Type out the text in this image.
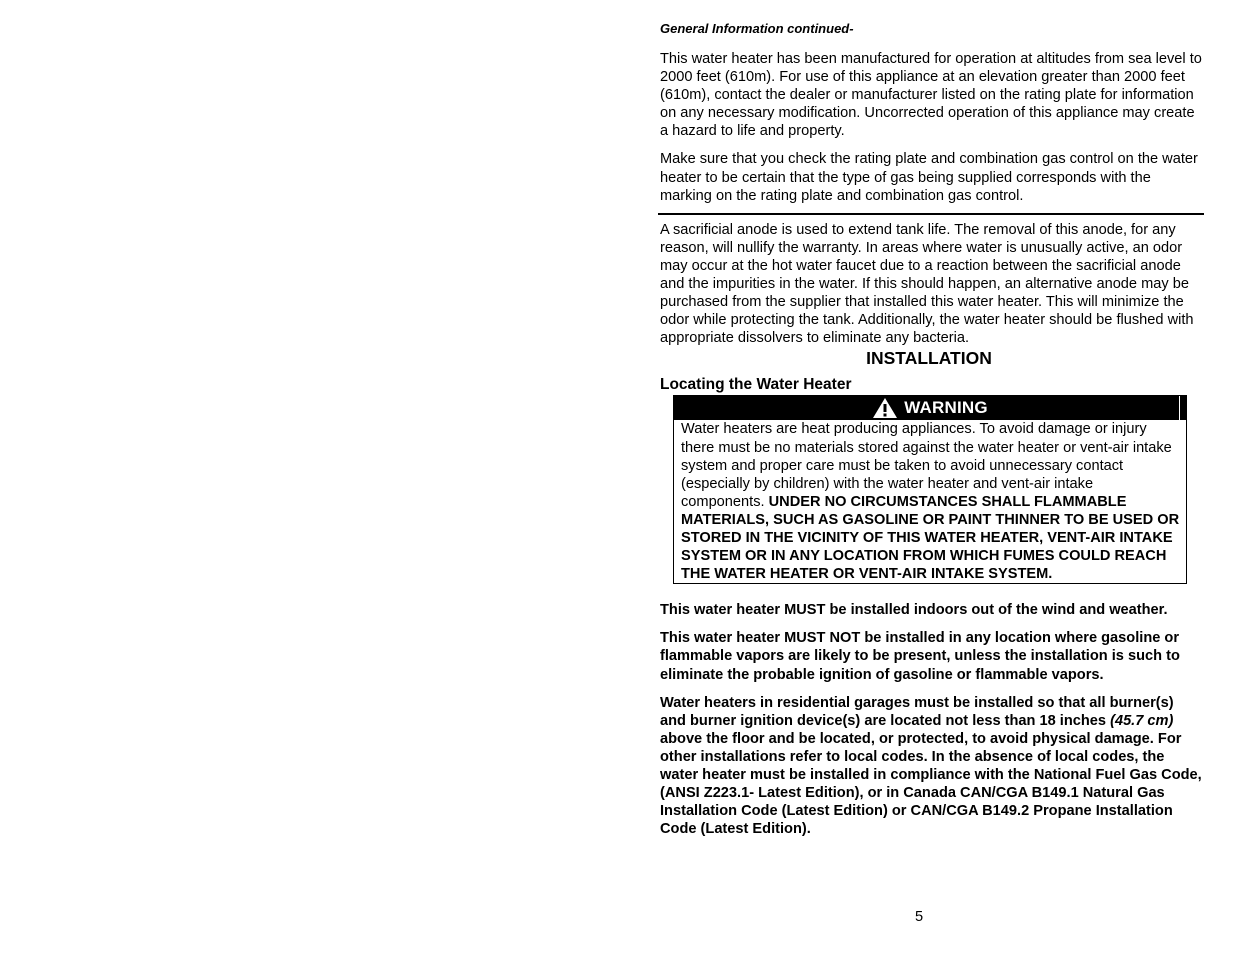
General Information continued-

This water heater has been manufactured for operation at altitudes from sea level to 2000 feet (610m). For use of this appliance at an elevation greater than 2000 feet (610m), contact the dealer or manufacturer listed on the rating plate for information on any necessary modification. Uncorrected operation of this appliance may create a hazard to life and property.

Make sure that you check the rating plate and combination gas control on the water heater to be certain that the type of gas being supplied corresponds with the marking on the rating plate and combination gas control.

A sacrificial anode is used to extend tank life. The removal of this anode, for any reason, will nullify the warranty. In areas where water is unusually active, an odor may occur at the hot water faucet due to a reaction between the sacrificial anode and the impurities in the water. If this should happen, an alternative anode may be purchased from the supplier that installed this water heater. This will minimize the odor while protecting the tank. Additionally, the water heater should be flushed with appropriate dissolvers to eliminate any bacteria.

INSTALLATION

Locating the Water Heater

WARNING
Water heaters are heat producing appliances. To avoid damage or injury there must be no materials stored against the water heater or vent-air intake system and proper care must be taken to avoid unnecessary contact (especially by children) with the water heater and vent-air intake components. UNDER NO CIRCUMSTANCES SHALL FLAMMABLE MATERIALS, SUCH AS GASOLINE OR PAINT THINNER TO BE USED OR STORED IN THE VICINITY OF THIS WATER HEATER, VENT-AIR INTAKE SYSTEM OR IN ANY LOCATION FROM WHICH FUMES COULD REACH THE WATER HEATER OR VENT-AIR INTAKE SYSTEM.

This water heater MUST be installed indoors out of the wind and weather.

This water heater MUST NOT be installed in any location where gasoline or flammable vapors are likely to be present, unless the installation is such to eliminate the probable ignition of gasoline or flammable vapors.

Water heaters in residential garages must be installed so that all burner(s) and burner ignition device(s) are located not less than 18 inches (45.7 cm) above the floor and be located, or protected, to avoid physical damage. For other installations refer to local codes. In the absence of local codes, the water heater must be installed in compliance with the National Fuel Gas Code, (ANSI Z223.1- Latest Edition), or in Canada CAN/CGA B149.1 Natural Gas Installation Code (Latest Edition) or CAN/CGA B149.2 Propane Installation Code (Latest Edition).

5
